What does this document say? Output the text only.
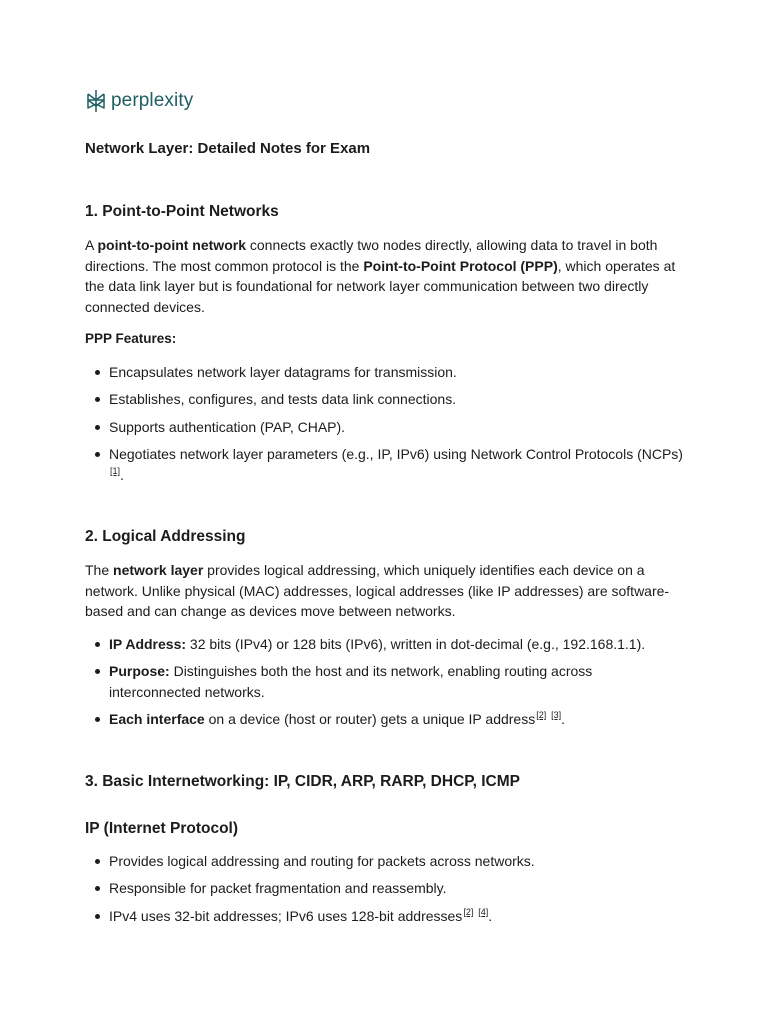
perplexity
Network Layer: Detailed Notes for Exam
1. Point-to-Point Networks

A point-to-point network connects exactly two nodes directly, allowing data to travel in both directions. The most common protocol is the Point-to-Point Protocol (PPP), which operates at the data link layer but is foundational for network layer communication between two directly connected devices.

PPP Features:
Encapsulates network layer datagrams for transmission.
Establishes, configures, and tests data link connections.
Supports authentication (PAP, CHAP).
Negotiates network layer parameters (e.g., IP, IPv6) using Network Control Protocols (NCPs)[1].
2. Logical Addressing

The network layer provides logical addressing, which uniquely identifies each device on a network. Unlike physical (MAC) addresses, logical addresses (like IP addresses) are software-based and can change as devices move between networks.

IP Address: 32 bits (IPv4) or 128 bits (IPv6), written in dot-decimal (e.g., 192.168.1.1).
Purpose: Distinguishes both the host and its network, enabling routing across interconnected networks.
Each interface on a device (host or router) gets a unique IP address[2] [3].
3. Basic Internetworking: IP, CIDR, ARP, RARP, DHCP, ICMP
IP (Internet Protocol)
Provides logical addressing and routing for packets across networks.
Responsible for packet fragmentation and reassembly.
IPv4 uses 32-bit addresses; IPv6 uses 128-bit addresses[2] [4].
